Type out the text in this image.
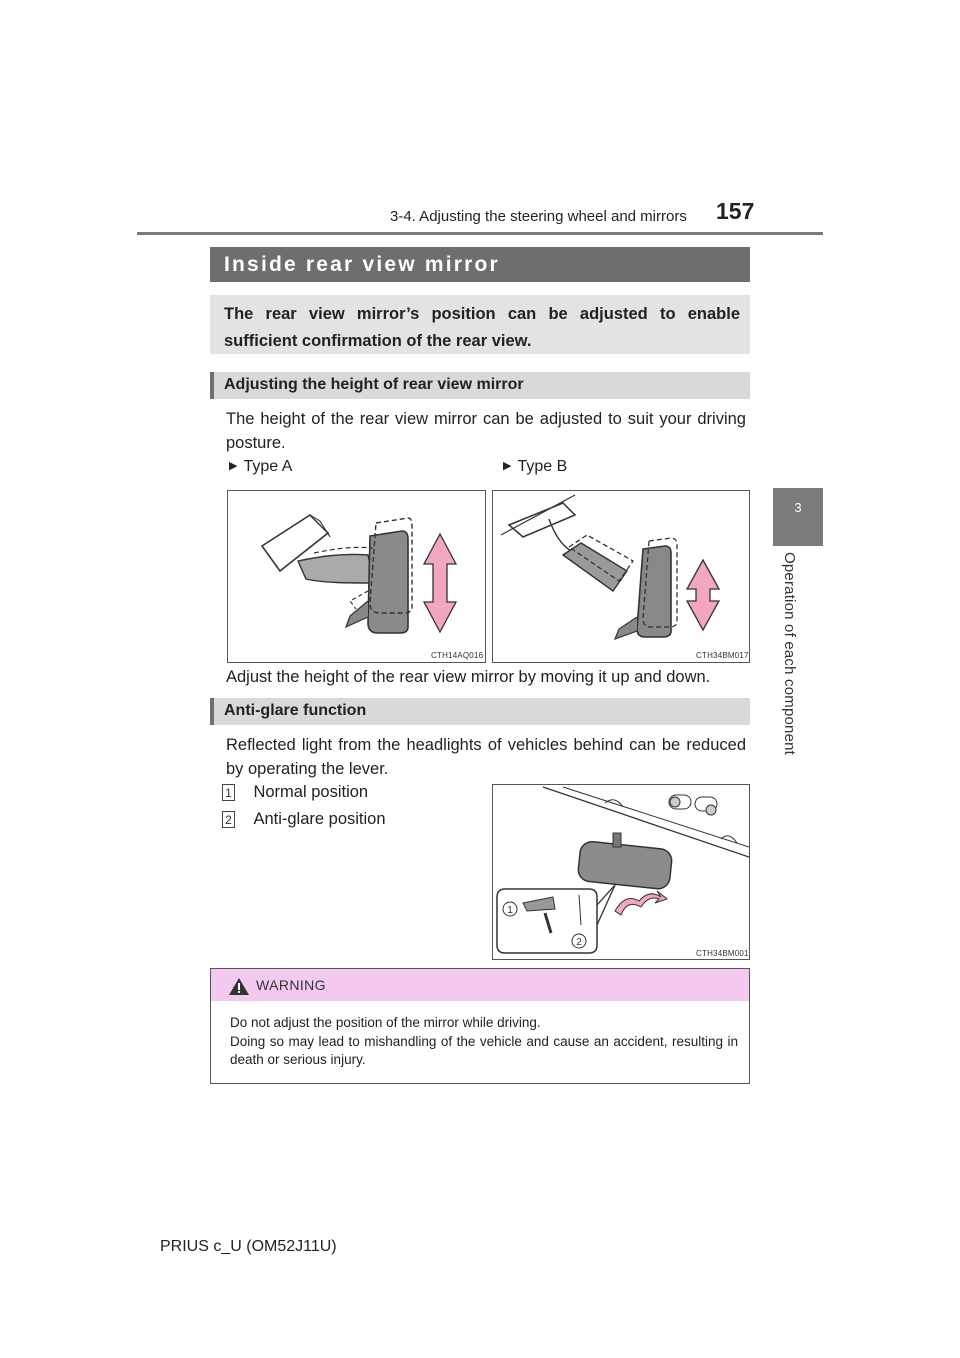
3-4. Adjusting the steering wheel and mirrors 157
3
Operation of each component
Inside rear view mirror
The rear view mirror’s position can be adjusted to enable sufficient confirmation of the rear view.
Adjusting the height of rear view mirror
The height of the rear view mirror can be adjusted to suit your driving posture.
▶ Type A	▶ Type B
CTH14AQ016	CTH34BM017
Adjust the height of the rear view mirror by moving it up and down.
Anti-glare function
Reflected light from the headlights of vehicles behind can be reduced by operating the lever.
1 Normal position
2 Anti-glare position
1
2
CTH34BM001
WARNING
Do not adjust the position of the mirror while driving.
Doing so may lead to mishandling of the vehicle and cause an accident, resulting in death or serious injury.
PRIUS c_U (OM52J11U)
